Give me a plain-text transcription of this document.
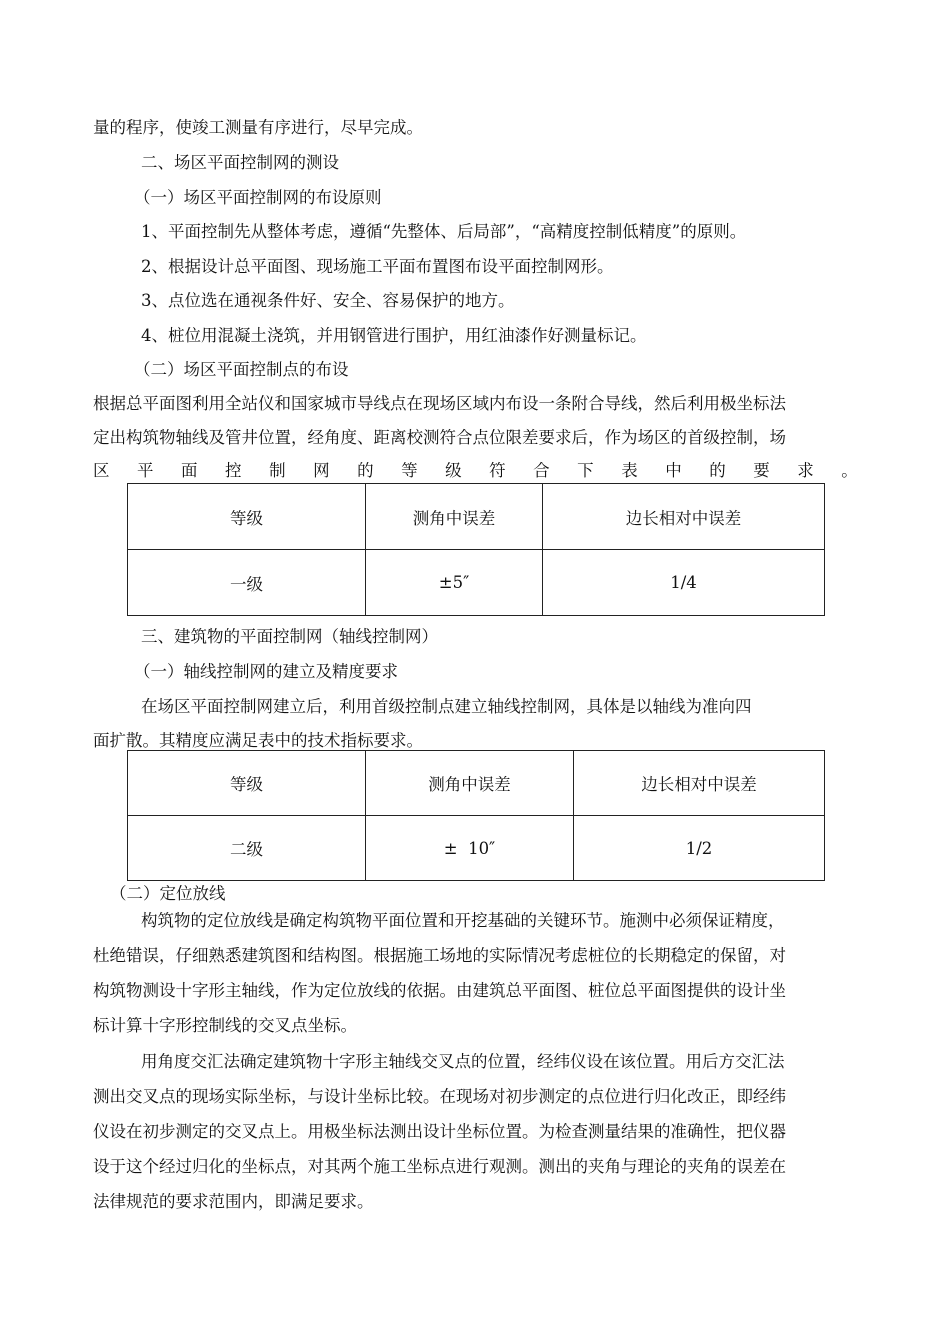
量的程序，使竣工测量有序进行，尽早完成。
二、场区平面控制网的测设
（一）场区平面控制网的布设原则
1、平面控制先从整体考虑，遵循“先整体、后局部”，“高精度控制低精度”的原则。
2、根据设计总平面图、现场施工平面布置图布设平面控制网形。
3、点位选在通视条件好、安全、容易保护的地方。
4、桩位用混凝土浇筑，并用钢管进行围护，用红油漆作好测量标记。
（二）场区平面控制点的布设
根据总平面图利用全站仪和国家城市导线点在现场区域内布设一条附合导线，然后利用极坐标法
定出构筑物轴线及管井位置，经角度、距离校测符合点位限差要求后，作为场区的首级控制，场
区 平 面 控 制 网 的 等 级 符 合 下 表 中 的 要 求 。
等级	测角中误差	边长相对中误差
一级	±5″	1/4
三、建筑物的平面控制网（轴线控制网）
（一）轴线控制网的建立及精度要求
在场区平面控制网建立后，利用首级控制点建立轴线控制网，具体是以轴线为准向四
面扩散。其精度应满足表中的技术指标要求。
等级	测角中误差	边长相对中误差
二级	±  10″	1/2
（二）定位放线
构筑物的定位放线是确定构筑物平面位置和开挖基础的关键环节。施测中必须保证精度，
杜绝错误，仔细熟悉建筑图和结构图。根据施工场地的实际情况考虑桩位的长期稳定的保留，对
构筑物测设十字形主轴线，作为定位放线的依据。由建筑总平面图、桩位总平面图提供的设计坐
标计算十字形控制线的交叉点坐标。
用角度交汇法确定建筑物十字形主轴线交叉点的位置，经纬仪设在该位置。用后方交汇法
测出交叉点的现场实际坐标，与设计坐标比较。在现场对初步测定的点位进行归化改正，即经纬
仪设在初步测定的交叉点上。用极坐标法测出设计坐标位置。为检查测量结果的准确性，把仪器
设于这个经过归化的坐标点，对其两个施工坐标点进行观测。测出的夹角与理论的夹角的误差在
法律规范的要求范围内，即满足要求。
